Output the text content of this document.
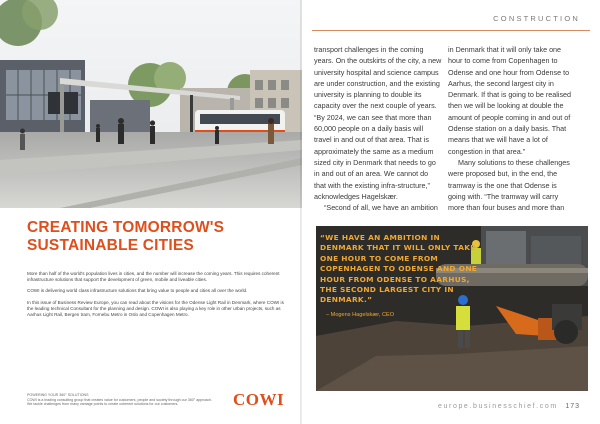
CREATING TOMORROW'S
SUSTAINABLE CITIES

More than half of the world's population lives in cities, and the number will increase the coming years. This requires coherent infrastructure solutions that support the development of green, mobile and liveable cities.

COWI is delivering world class infrastructure solutions that bring value to people and cities all over the world.

In this issue of Business Review Europe, you can read about the visions for the Odense Light Rail in Denmark, where COWI is the leading technical Consultant for the planning and design. COWI is also playing a key role in other urban projects, such as Aarhus Light Rail, Bergen tram, Fornebu Metro in Oslo and Copenhagen Metro.

POWERING YOUR 360° SOLUTIONS
COWI is a leading consulting group that creates value for customers, people and society through our 360° approach. We tackle challenges from many vantage points to create coherent solutions for our customers.	COWI
CONSTRUCTION

transport challenges in the coming years. On the outskirts of the city, a new university hospital and science campus are under construction, and the existing university is planning to double its capacity over the next couple of years. “By 2024, we can see that more than 60,000 people on a daily basis will travel in and out of that area. That is approximately the same as a medium sized city in Denmark that needs to go in and out of an area. We cannot do that with the existing infra-structure,” acknowledges Hagelskær.

“Second of all, we have an ambition

in Denmark that it will only take one hour to come from Copenhagen to Odense and one hour from Odense to Aarhus, the second largest city in Denmark. If that is going to be realised then we will be looking at double the amount of people coming in and out of Odense station on a daily basis. That means that we will have a lot of congestion in that area.”

Many solutions to these challenges were proposed but, in the end, the tramway is the one that Odense is going with. “The tramway will carry more than four buses and more than

europe.businesschief.com 173
“WE HAVE AN AMBITION IN DENMARK THAT IT WILL ONLY TAKE ONE HOUR TO COME FROM COPENHAGEN TO ODENSE AND ONE HOUR FROM ODENSE TO AARHUS, THE SECOND LARGEST CITY IN DENMARK.”
– Mogens Hagelskær, CEO
